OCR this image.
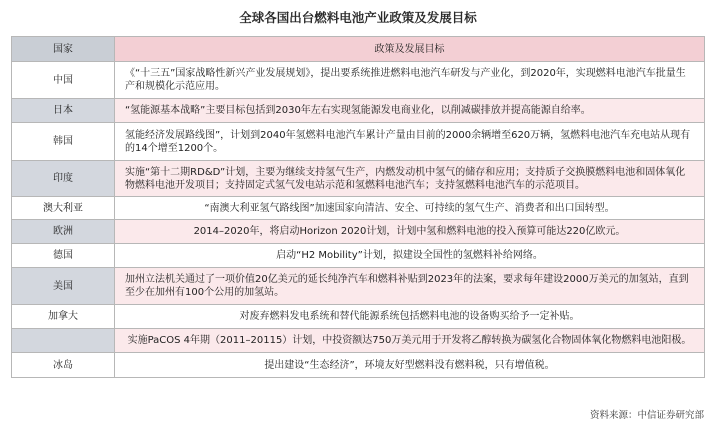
全球各国出台燃料电池产业政策及发展目标
国家	政策及发展目标
中国	《“十三五”国家战略性新兴产业发展规划》，提出要系统推进燃料电池汽车研发与产业化，到2020年，实现燃料电池汽车批量生产和规模化示范应用。
日本	“氢能源基本战略”主要目标包括到2030年左右实现氢能源发电商业化，以削减碳排放并提高能源自给率。
韩国	氢能经济发展路线图”，计划到2040年氢燃料电池汽车累计产量由目前的2000余辆增至620万辆，氢燃料电池汽车充电站从现有的14个增至1200个。
印度	实施“第十二期RD&D”计划，主要为继续支持氢气生产，内燃发动机中氢气的储存和应用；支持质子交换膜燃料电池和固体氧化物燃料电池开发项目；支持固定式氢气发电站示范和氢燃料电池汽车；支持氢燃料电池汽车的示范项目。
澳大利亚	“南澳大利亚氢气路线图”加速国家向清洁、安全、可持续的氢气生产、消费者和出口国转型。
欧洲	2014–2020年，将启动Horizon 2020计划，计划中氢和燃料电池的投入预算可能达220亿欧元。
德国	启动“H2 Mobility”计划，拟建设全国性的氢燃料补给网络。
美国	加州立法机关通过了一项价值20亿美元的延长纯净汽车和燃料补贴到2023年的法案，要求每年建设2000万美元的加氢站，直到至少在加州有100个公用的加氢站。
加拿大	对废弃燃料发电系统和替代能源系统包括燃料电池的设备购买给予一定补贴。
	实施PaCOS 4年期（2011–20115）计划，中投资额达750万美元用于开发将乙醇转换为碳氢化合物固体氧化物燃料电池阳极。
冰岛	提出建设“生态经济”，环境友好型燃料没有燃料税，只有增值税。
资料来源：中信证券研究部
